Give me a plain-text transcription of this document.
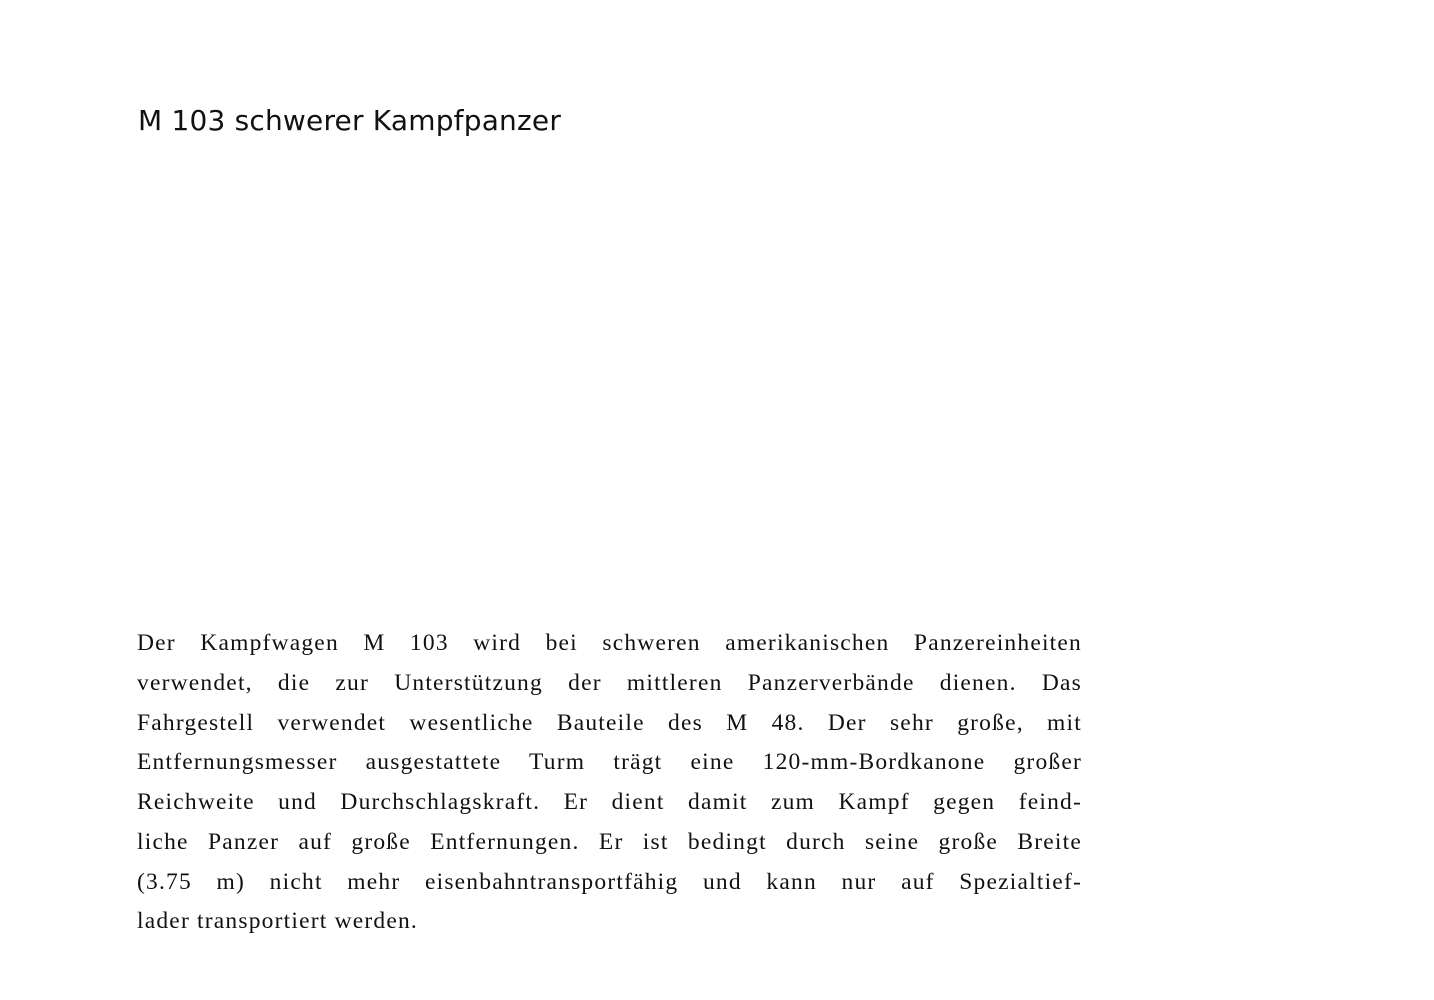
M 103 schwerer Kampfpanzer
Der Kampfwagen M 103 wird bei schweren amerikanischen Panzereinheiten
verwendet, die zur Unterstützung der mittleren Panzerverbände dienen. Das
Fahrgestell verwendet wesentliche Bauteile des M 48. Der sehr große, mit
Entfernungsmesser ausgestattete Turm trägt eine 120-mm-Bordkanone großer
Reichweite und Durchschlagskraft. Er dient damit zum Kampf gegen feind-
liche Panzer auf große Entfernungen. Er ist bedingt durch seine große Breite
(3.75 m) nicht mehr eisenbahntransportfähig und kann nur auf Spezialtief-
lader transportiert werden.
